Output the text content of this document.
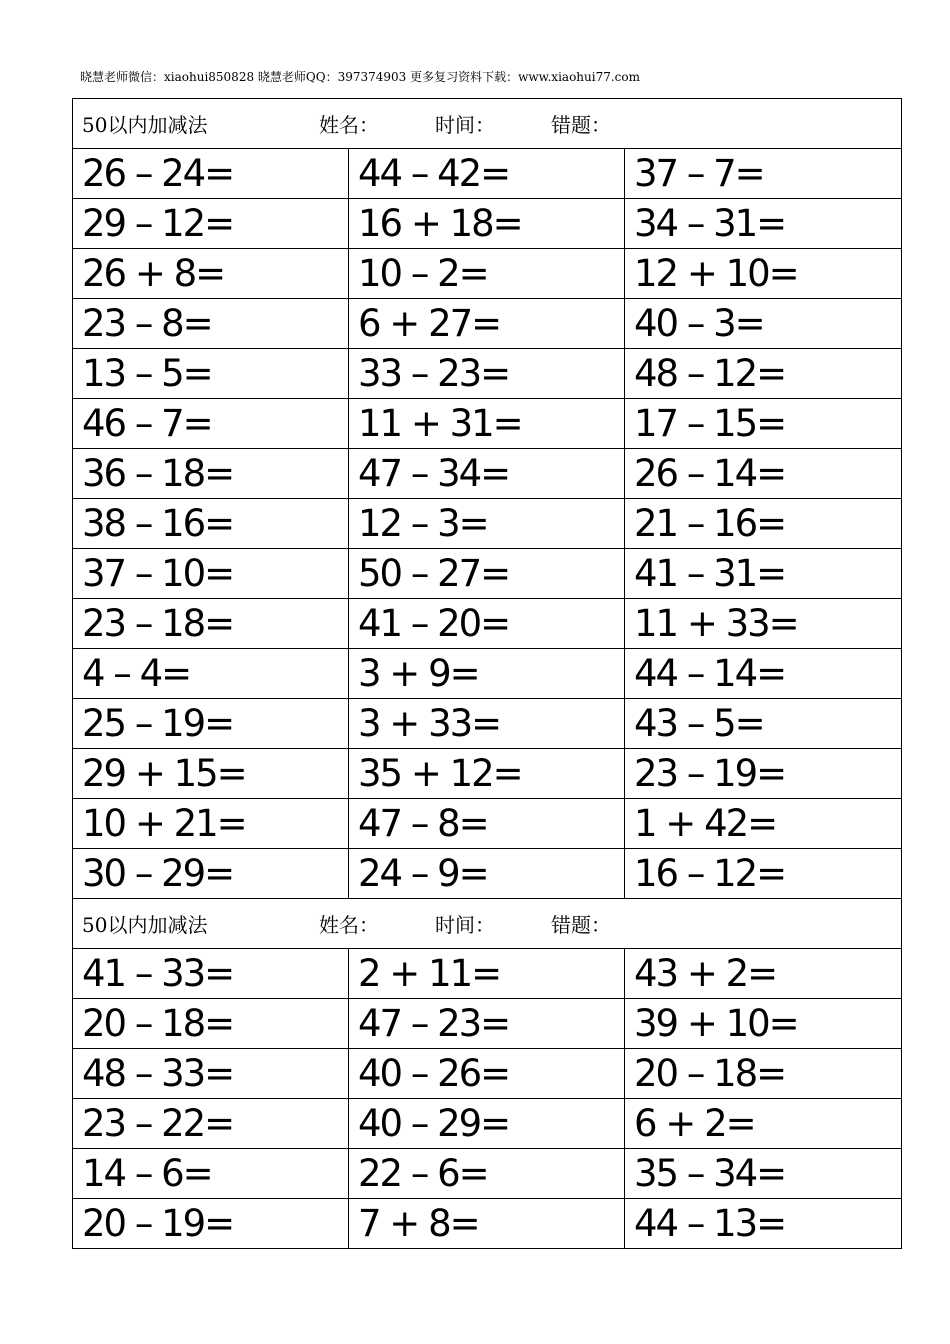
晓慧老师微信：xiaohui850828 晓慧老师QQ：397374903 更多复习资料下载：www.xiaohui77.com
50以内加减法 姓名： 时间： 错题：		
26 – 24=	44 – 42=	37 – 7=
29 – 12=	16 + 18=	34 – 31=
26 + 8=	10 – 2=	12 + 10=
23 – 8=	6 + 27=	40 – 3=
13 – 5=	33 – 23=	48 – 12=
46 – 7=	11 + 31=	17 – 15=
36 – 18=	47 – 34=	26 – 14=
38 – 16=	12 – 3=	21 – 16=
37 – 10=	50 – 27=	41 – 31=
23 – 18=	41 – 20=	11 + 33=
4 – 4=	3 + 9=	44 – 14=
25 – 19=	3 + 33=	43 – 5=
29 + 15=	35 + 12=	23 – 19=
10 + 21=	47 – 8=	1 + 42=
30 – 29=	24 – 9=	16 – 12=
50以内加减法 姓名： 时间： 错题：		
41 – 33=	2 + 11=	43 + 2=
20 – 18=	47 – 23=	39 + 10=
48 – 33=	40 – 26=	20 – 18=
23 – 22=	40 – 29=	6 + 2=
14 – 6=	22 – 6=	35 – 34=
20 – 19=	7 + 8=	44 – 13=
